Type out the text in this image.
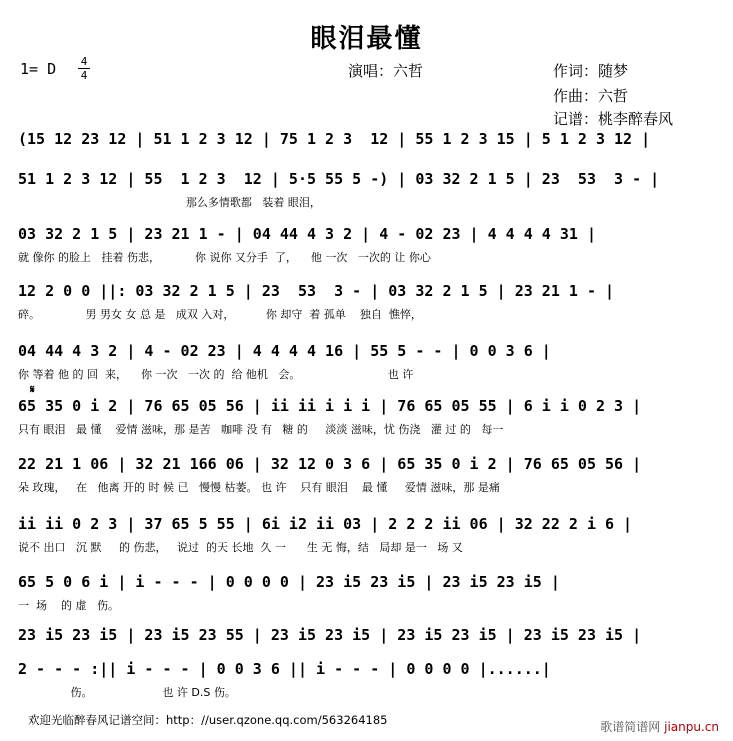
眼泪最懂
1= D 4
4	演唱：六哲	作词：随梦
作曲：六哲
记谱：桃李醉春风
(15 12 23 12 | 51 1 2 3 12 | 75 1 2 3  12 | 55 1 2 3 15 | 5 1 2 3 12 |
51 1 2 3 12 | 55  1 2 3  12 | 5·5 55 5 -) | 03 32 2 1 5 | 23  53  3 - |
那么多情歌都   装着 眼泪，
03 32 2 1 5 | 23 21 1 - | 04 44 4 3 2 | 4 - 02 23 | 4 4 4 4 31 |
就 像你 的脸上   挂着 伤悲，          你 说你 又分手  了，    他 一次   一次的 让 你心
12 2 0 0 ||: 03 32 2 1 5 | 23  53  3 - | 03 32 2 1 5 | 23 21 1 - |
碎。             男 男女 女 总 是   成双 入对，         你 却守  着 孤单    独自  憔悴，
04 44 4 3 2 | 4 - 02 23 | 4 4 4 4 16 | 55 5 - - | 0 0 3 6 |
你 等着 他 的 回  来，    你 一次   一次 的  给 他机   会。                         也 许
65 35 0 i 2 | 76 65 05 56 | ii ii i i i | 76 65 05 55 | 6 i i 0 2 3 |
只有 眼泪   最 懂    爱情 滋味，那 是苦   咖啡 没 有   糖 的     淡淡 滋味，忧 伤浇   灌 过 的   每一
22 21 1 06 | 32 21 166 06 | 32 12 0 3 6 | 65 35 0 i 2 | 76 65 05 56 |
朵 玫瑰，   在   他离 开的 时 候 已   慢慢 枯萎。 也 许    只有 眼泪    最 懂     爱情 滋味，那 是痛
ii ii 0 2 3 | 37 65 5 55 | 6i i2 ii 03 | 2 2 2 ii 06 | 32 22 2 i 6 |
说不 出口   沉 默     的 伤悲，   说过  的天 长地  久 一      生 无 悔，结   局却 是一   场 又
65 5 0 6 i | i - - - | 0 0 0 0 | 23 i5 23 i5 | 23 i5 23 i5 |
一  场    的 虚   伤。
23 i5 23 i5 | 23 i5 23 55 | 23 i5 23 i5 | 23 i5 23 i5 | 23 i5 23 i5 |
2 - - - :|| i - - - | 0 0 3 6 || i - - - | 0 0 0 0 |......|
伤。                    也 许 D.S 伤。
𝄋
欢迎光临醉春风记谱空间：http：//user.qzone.qq.com/563264185	歌谱简谱网 jianpu.cn
